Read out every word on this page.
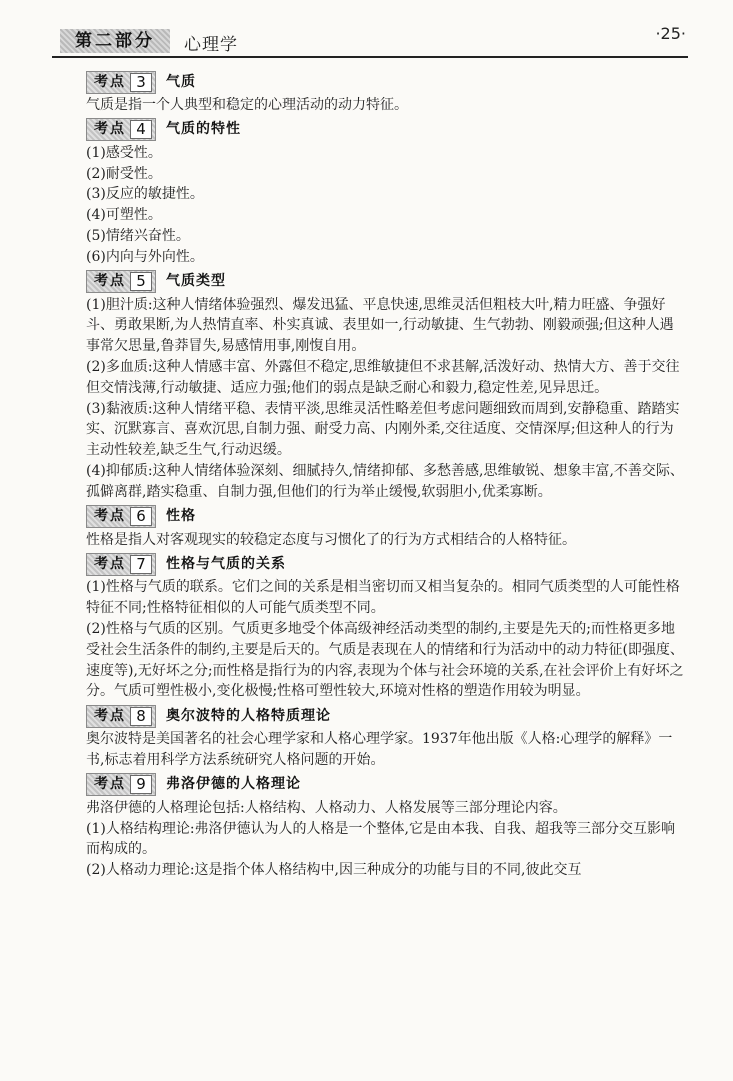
第二部分	心理学
·25·
考点 3	气质

气质是指一个人典型和稳定的心理活动的动力特征。

考点 4	气质的特性

(1)感受性。

(2)耐受性。

(3)反应的敏捷性。

(4)可塑性。

(5)情绪兴奋性。

(6)内向与外向性。

考点 5	气质类型

(1)胆汁质:这种人情绪体验强烈、爆发迅猛、平息快速,思维灵活但粗枝大叶,精力旺盛、争强好斗、勇敢果断,为人热情直率、朴实真诚、表里如一,行动敏捷、生气勃勃、刚毅顽强;但这种人遇事常欠思量,鲁莽冒失,易感情用事,刚愎自用。

(2)多血质:这种人情感丰富、外露但不稳定,思维敏捷但不求甚解,活泼好动、热情大方、善于交往但交情浅薄,行动敏捷、适应力强;他们的弱点是缺乏耐心和毅力,稳定性差,见异思迁。

(3)黏液质:这种人情绪平稳、表情平淡,思维灵活性略差但考虑问题细致而周到,安静稳重、踏踏实实、沉默寡言、喜欢沉思,自制力强、耐受力高、内刚外柔,交往适度、交情深厚;但这种人的行为主动性较差,缺乏生气,行动迟缓。

(4)抑郁质:这种人情绪体验深刻、细腻持久,情绪抑郁、多愁善感,思维敏锐、想象丰富,不善交际、孤僻离群,踏实稳重、自制力强,但他们的行为举止缓慢,软弱胆小,优柔寡断。

考点 6	性格

性格是指人对客观现实的较稳定态度与习惯化了的行为方式相结合的人格特征。

考点 7	性格与气质的关系

(1)性格与气质的联系。它们之间的关系是相当密切而又相当复杂的。相同气质类型的人可能性格特征不同;性格特征相似的人可能气质类型不同。

(2)性格与气质的区别。气质更多地受个体高级神经活动类型的制约,主要是先天的;而性格更多地受社会生活条件的制约,主要是后天的。气质是表现在人的情绪和行为活动中的动力特征(即强度、速度等),无好坏之分;而性格是指行为的内容,表现为个体与社会环境的关系,在社会评价上有好坏之分。气质可塑性极小,变化极慢;性格可塑性较大,环境对性格的塑造作用较为明显。

考点 8	奥尔波特的人格特质理论

奥尔波特是美国著名的社会心理学家和人格心理学家。1937年他出版《人格:心理学的解释》一书,标志着用科学方法系统研究人格问题的开始。

考点 9	弗洛伊德的人格理论

弗洛伊德的人格理论包括:人格结构、人格动力、人格发展等三部分理论内容。

(1)人格结构理论:弗洛伊德认为人的人格是一个整体,它是由本我、自我、超我等三部分交互影响而构成的。

(2)人格动力理论:这是指个体人格结构中,因三种成分的功能与目的不同,彼此交互
